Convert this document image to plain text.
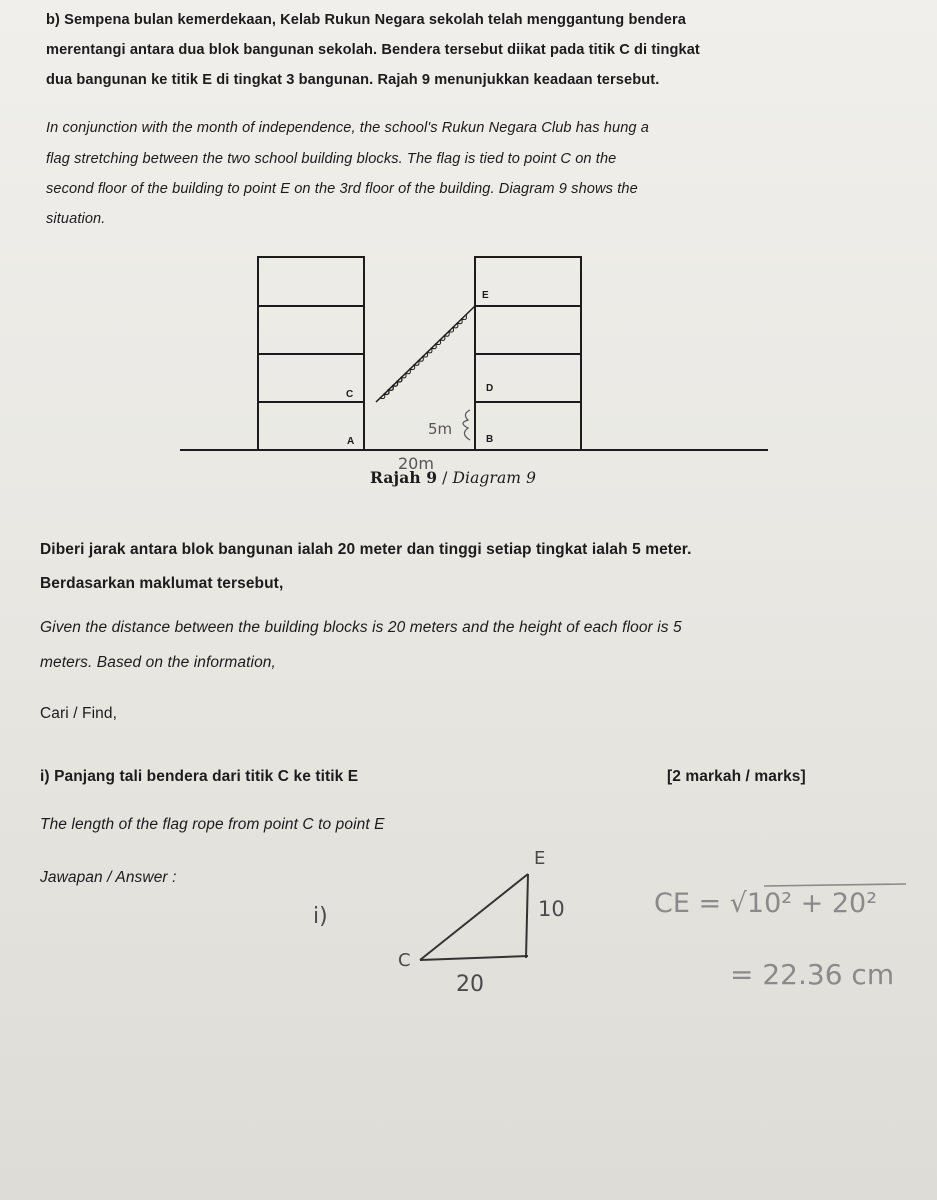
b) Sempena bulan kemerdekaan, Kelab Rukun Negara sekolah telah menggantung bendera
merentangi antara dua blok bangunan sekolah. Bendera tersebut diikat pada titik C di tingkat
dua bangunan ke titik E di tingkat 3 bangunan. Rajah 9 menunjukkan keadaan tersebut.
In conjunction with the month of independence, the school's Rukun Negara Club has hung a
flag stretching between the two school building blocks. The flag is tied to point C on the
second floor of the building to point E on the 3rd floor of the building. Diagram 9 shows the
situation.
E
C
D
A	B
5m
20m
Rajah 9 / Diagram 9
Diberi jarak antara blok bangunan ialah 20 meter dan tinggi setiap tingkat ialah 5 meter.
Berdasarkan maklumat tersebut,
Given the distance between the building blocks is 20 meters and the height of each floor is 5
meters. Based on the information,
Cari / Find,
i) Panjang tali bendera dari titik C ke titik E	[2 markah / marks]
The length of the flag rope from point C to point E
Jawapan / Answer :
i)
E
C
10
20
CE = √10² + 20²
= 22.36 cm
